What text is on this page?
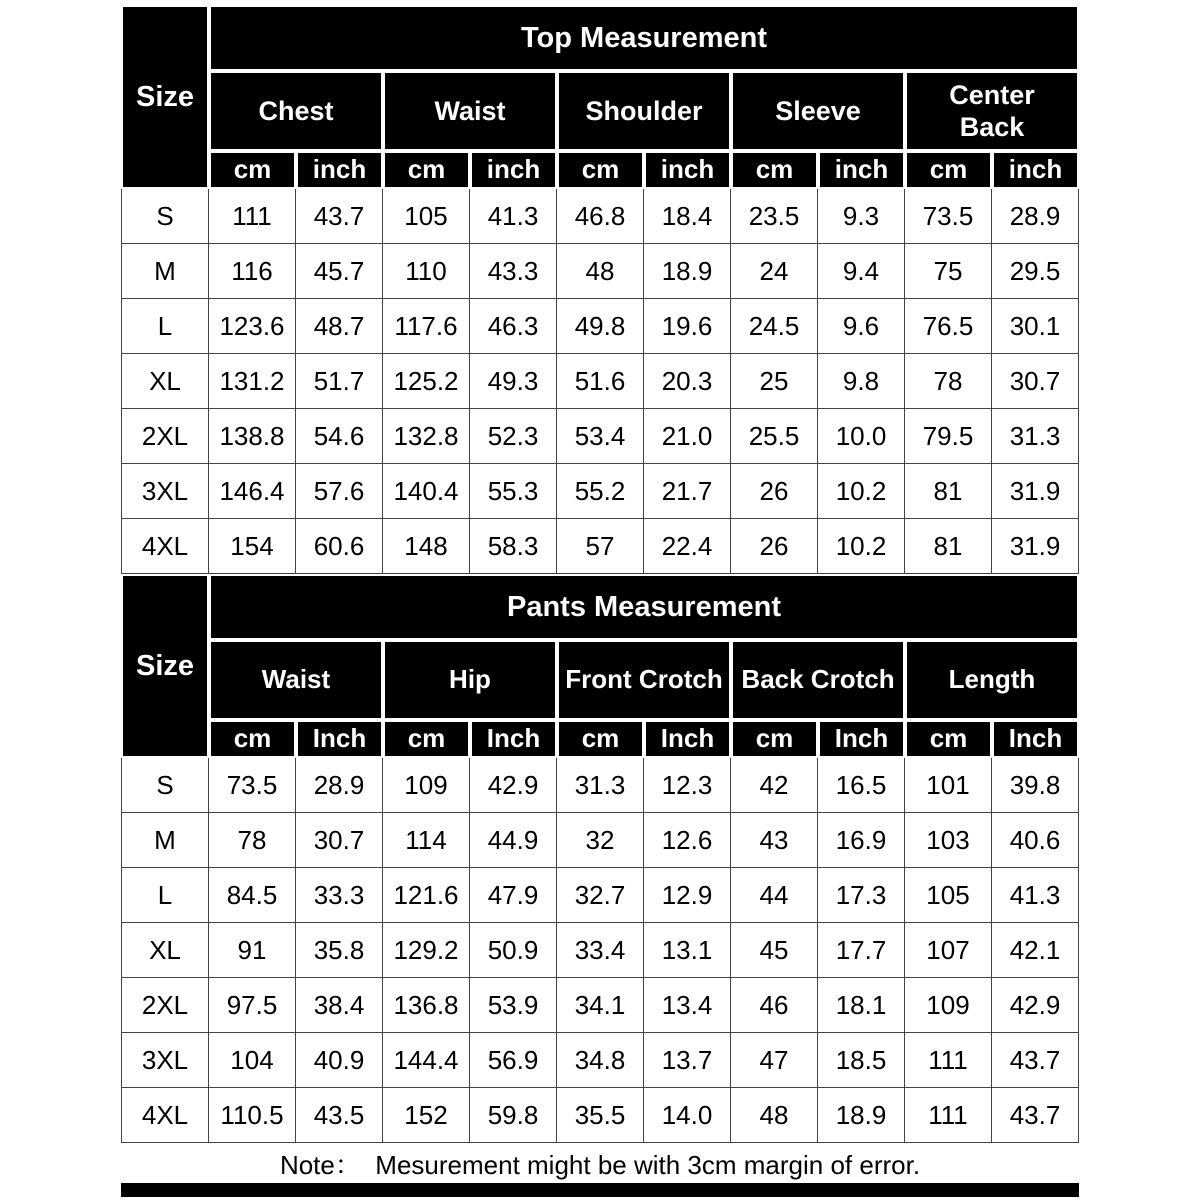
Size	Top Measurement									
	Chest		Waist		Shoulder		Sleeve		Center Back	
	cm	inch	cm	inch	cm	inch	cm	inch	cm	inch
S	111	43.7	105	41.3	46.8	18.4	23.5	9.3	73.5	28.9
M	116	45.7	110	43.3	48	18.9	24	9.4	75	29.5
L	123.6	48.7	117.6	46.3	49.8	19.6	24.5	9.6	76.5	30.1
XL	131.2	51.7	125.2	49.3	51.6	20.3	25	9.8	78	30.7
2XL	138.8	54.6	132.8	52.3	53.4	21.0	25.5	10.0	79.5	31.3
3XL	146.4	57.6	140.4	55.3	55.2	21.7	26	10.2	81	31.9
4XL	154	60.6	148	58.3	57	22.4	26	10.2	81	31.9
Size	Pants Measurement									
	Waist		Hip		Front Crotch		Back Crotch		Length	
	cm	Inch	cm	Inch	cm	Inch	cm	Inch	cm	Inch
S	73.5	28.9	109	42.9	31.3	12.3	42	16.5	101	39.8
M	78	30.7	114	44.9	32	12.6	43	16.9	103	40.6
L	84.5	33.3	121.6	47.9	32.7	12.9	44	17.3	105	41.3
XL	91	35.8	129.2	50.9	33.4	13.1	45	17.7	107	42.1
2XL	97.5	38.4	136.8	53.9	34.1	13.4	46	18.1	109	42.9
3XL	104	40.9	144.4	56.9	34.8	13.7	47	18.5	111	43.7
4XL	110.5	43.5	152	59.8	35.5	14.0	48	18.9	111	43.7
Note：  Mesurement might be with 3cm margin of error.
